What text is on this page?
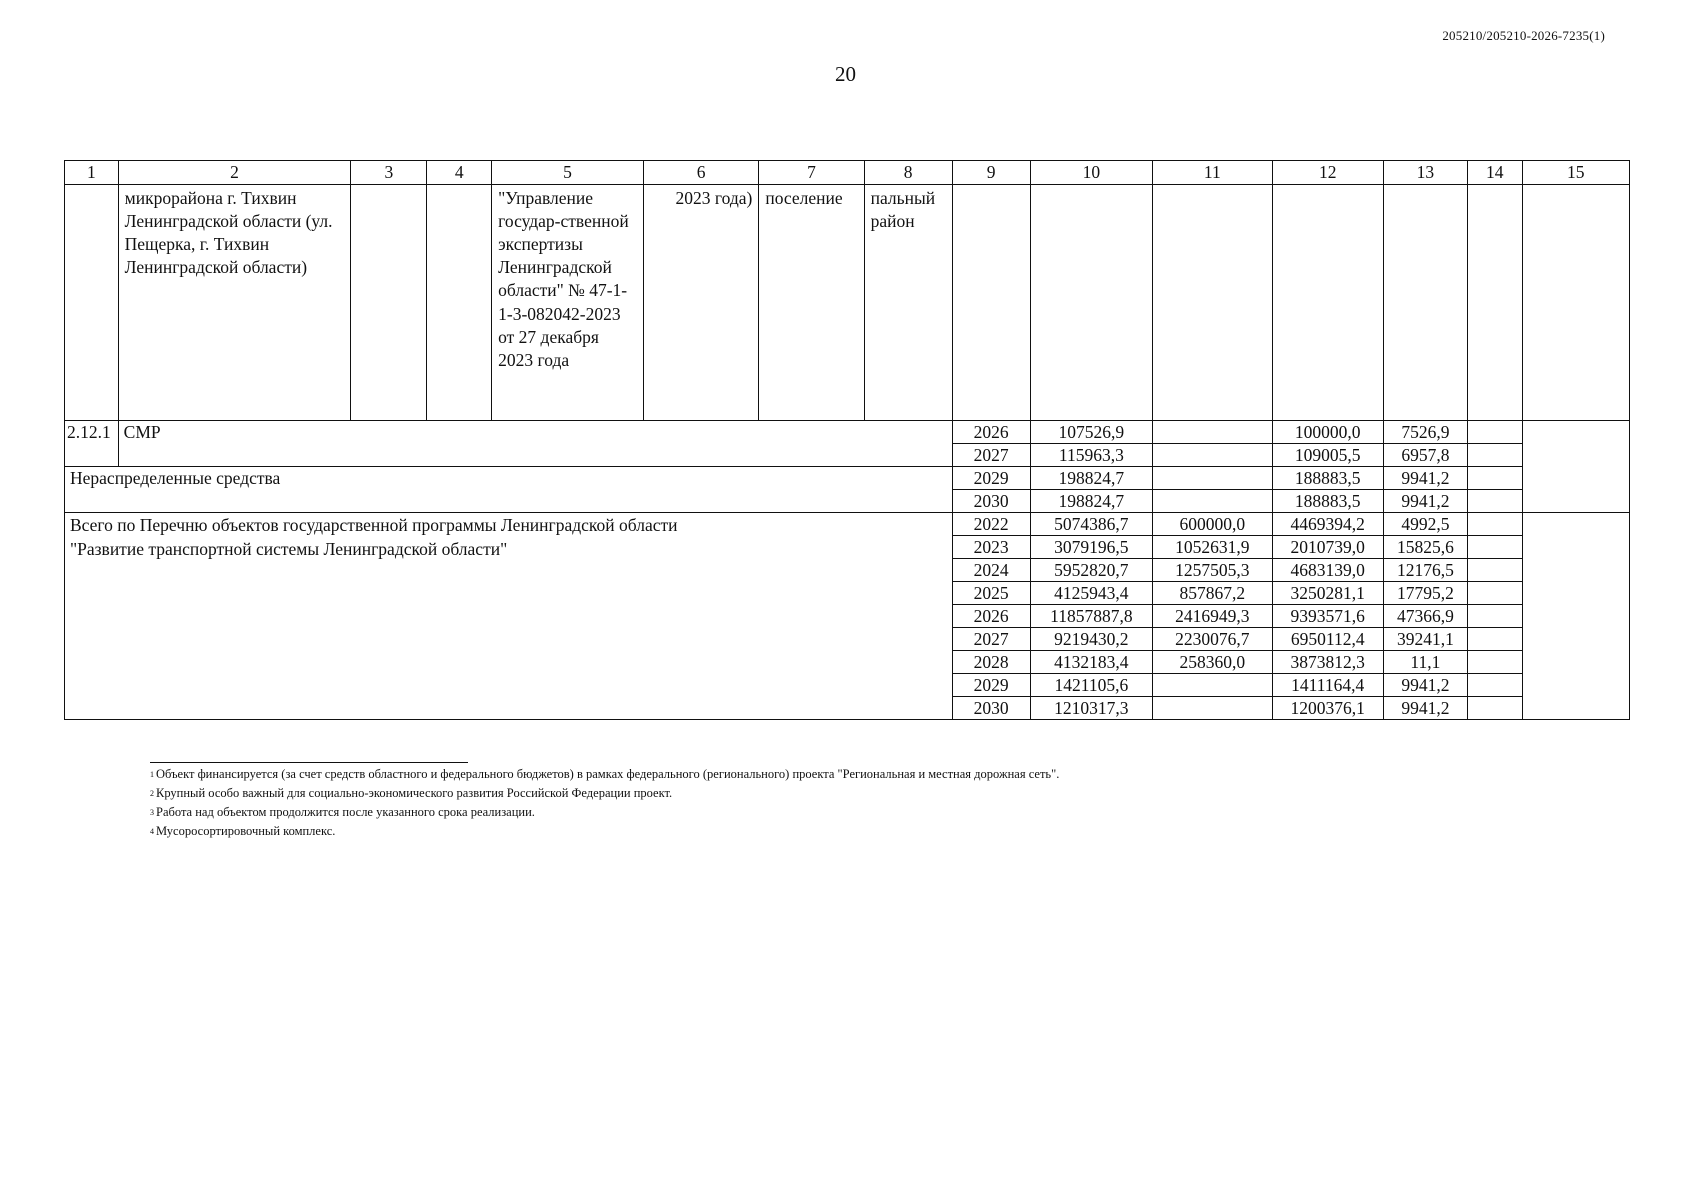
205210/205210-2026-7235(1)
20
1	2	3	4	5	6	7	8	9	10	11	12	13	14	15
	микрорайона г. Тихвин Ленинградской области (ул. Пещерка, г. Тихвин Ленинградской области)			"Управление государ-ственной экспертизы Ленинградской области" № 47-1-1-3-082042-2023 от 27 декабря 2023 года	2023 года)	поселение	пальный район							
2.12.1	СМР							2026	107526,9		100000,0	7526,9		
								2027	115963,3		109005,5	6957,8		
Нераспределенные средства								2029	198824,7		188883,5	9941,2		
								2030	198824,7		188883,5	9941,2		

Всего по Перечню объектов государственной программы Ленинградской области
"Развитие транспортной системы Ленинградской области"								2022	5074386,7	600000,0	4469394,2	4992,5		
								2023	3079196,5	1052631,9	2010739,0	15825,6		
								2024	5952820,7	1257505,3	4683139,0	12176,5		
								2025	4125943,4	857867,2	3250281,1	17795,2		
								2026	11857887,8	2416949,3	9393571,6	47366,9		
								2027	9219430,2	2230076,7	6950112,4	39241,1		
								2028	4132183,4	258360,0	3873812,3	11,1		
								2029	1421105,6		1411164,4	9941,2		
								2030	1210317,3		1200376,1	9941,2		
$^1$ Объект финансируется (за счет средств областного и федерального бюджетов) в рамках федерального (регионального) проекта "Региональная и местная дорожная сеть".
$^2$ Крупный особо важный для социально-экономического развития Российской Федерации проект.
$^3$ Работа над объектом продолжится после указанного срока реализации.
$^4$ Мусоросортировочный комплекс.
